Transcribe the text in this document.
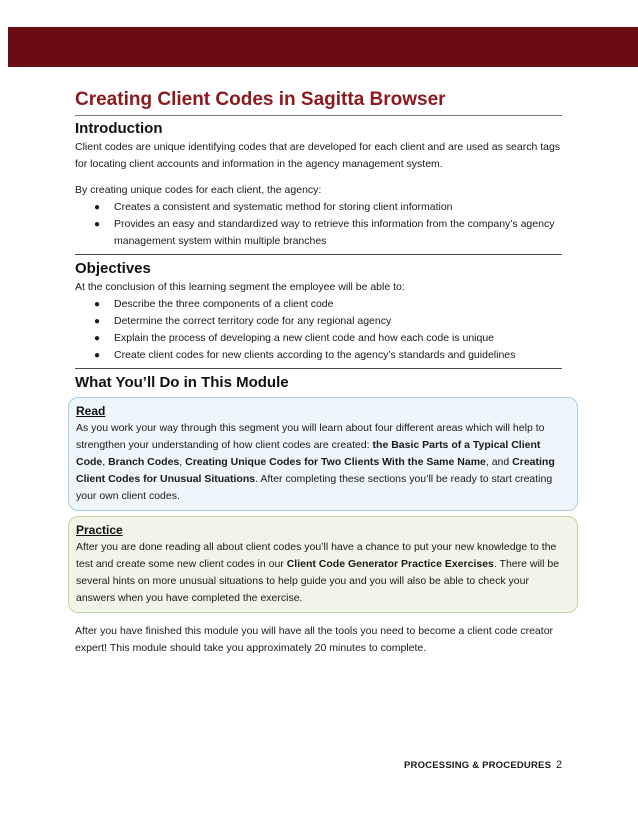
Creating Client Codes in Sagitta Browser
Introduction

Client codes are unique identifying codes that are developed for each client and are used as search tags for locating client accounts and information in the agency management system.

By creating unique codes for each client, the agency:

● Creates a consistent and systematic method for storing client information
● Provides an easy and standardized way to retrieve this information from the company’s agency management system within multiple branches
Objectives

At the conclusion of this learning segment the employee will be able to:

● Describe the three components of a client code
● Determine the correct territory code for any regional agency
● Explain the process of developing a new client code and how each code is unique
● Create client codes for new clients according to the agency’s standards and guidelines
What You’ll Do in This Module
Read

As you work your way through this segment you will learn about four different areas which will help to strengthen your understanding of how client codes are created: the Basic Parts of a Typical Client Code, Branch Codes, Creating Unique Codes for Two Clients With the Same Name, and Creating Client Codes for Unusual Situations. After completing these sections you’ll be ready to start creating your own client codes.

Practice

After you are done reading all about client codes you’ll have a chance to put your new knowledge to the test and create some new client codes in our Client Code Generator Practice Exercises. There will be several hints on more unusual situations to help guide you and you will also be able to check your answers when you have completed the exercise.

After you have finished this module you will have all the tools you need to become a client code creator expert! This module should take you approximately 20 minutes to complete.

PROCESSING & PROCEDURES 2
